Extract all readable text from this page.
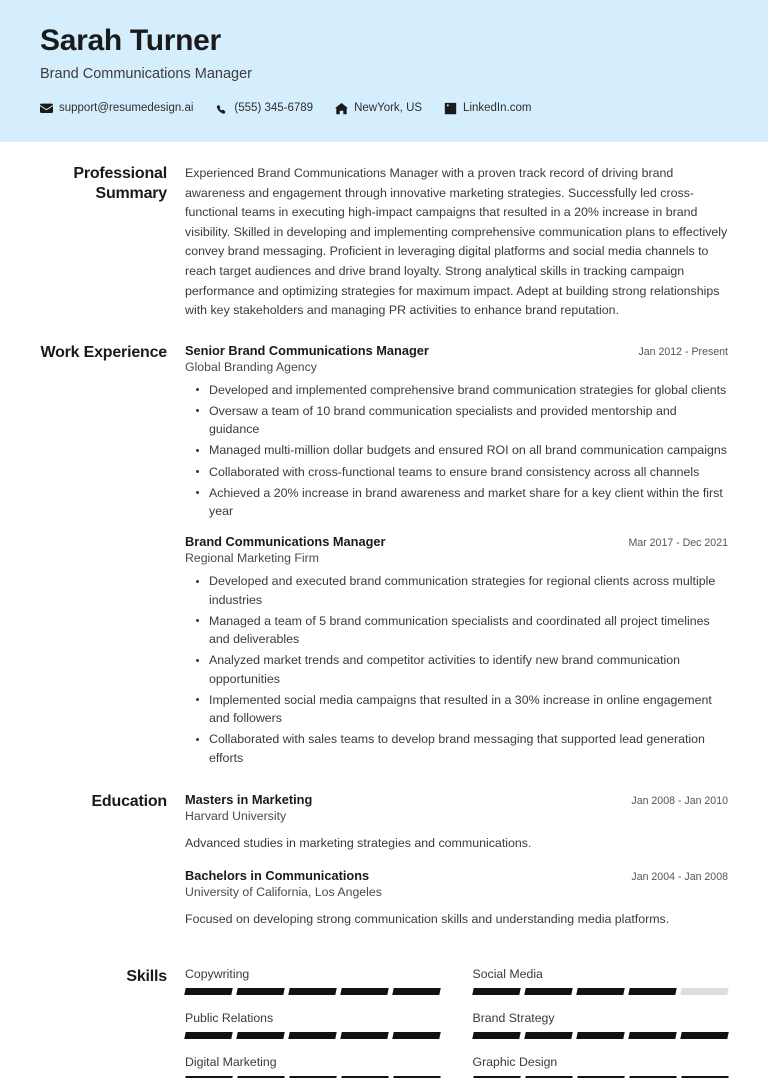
Sarah Turner
Brand Communications Manager
support@resumedesign.ai	(555) 345-6789	NewYork, US	LinkedIn.com
Professional Summary
Experienced Brand Communications Manager with a proven track record of driving brand awareness and engagement through innovative marketing strategies. Successfully led cross-functional teams in executing high-impact campaigns that resulted in a 20% increase in brand visibility. Skilled in developing and implementing comprehensive communication plans to effectively convey brand messaging. Proficient in leveraging digital platforms and social media channels to reach target audiences and drive brand loyalty. Strong analytical skills in tracking campaign performance and optimizing strategies for maximum impact. Adept at building strong relationships with key stakeholders and managing PR activities to enhance brand reputation.
Work Experience	Senior Brand Communications Manager	Jan 2012 - Present
Global Branding Agency
Developed and implemented comprehensive brand communication strategies for global clients
Oversaw a team of 10 brand communication specialists and provided mentorship and guidance
Managed multi-million dollar budgets and ensured ROI on all brand communication campaigns
Collaborated with cross-functional teams to ensure brand consistency across all channels
Achieved a 20% increase in brand awareness and market share for a key client within the first year
Brand Communications Manager	Mar 2017 - Dec 2021
Regional Marketing Firm
Developed and executed brand communication strategies for regional clients across multiple industries
Managed a team of 5 brand communication specialists and coordinated all project timelines and deliverables
Analyzed market trends and competitor activities to identify new brand communication opportunities
Implemented social media campaigns that resulted in a 30% increase in online engagement and followers
Collaborated with sales teams to develop brand messaging that supported lead generation efforts
Education	Masters in Marketing	Jan 2008 - Jan 2010
Harvard University
Advanced studies in marketing strategies and communications.
Bachelors in Communications	Jan 2004 - Jan 2008
University of California, Los Angeles
Focused on developing strong communication skills and understanding media platforms.
Skills	Copywriting	Social Media
Public Relations	Brand Strategy
Digital Marketing	Graphic Design
